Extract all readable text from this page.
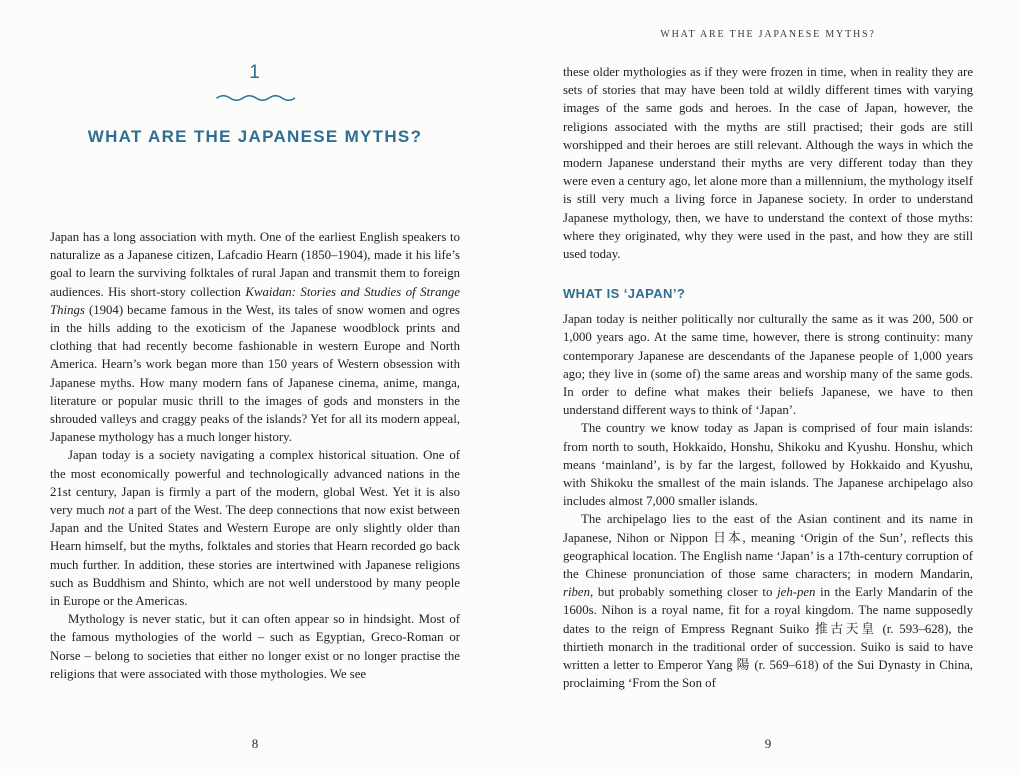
1
WHAT ARE THE JAPANESE MYTHS?

Japan has a long association with myth. One of the earliest English speakers to naturalize as a Japanese citizen, Lafcadio Hearn (1850–1904), made it his life’s goal to learn the surviving folktales of rural Japan and transmit them to foreign audiences. His short-story collection Kwaidan: Stories and Studies of Strange Things (1904) became famous in the West, its tales of snow women and ogres in the hills adding to the exoticism of the Japanese woodblock prints and clothing that had recently become fashionable in western Europe and North America. Hearn’s work began more than 150 years of Western obsession with Japanese myths. How many modern fans of Japanese cinema, anime, manga, literature or popular music thrill to the images of gods and monsters in the shrouded valleys and craggy peaks of the islands? Yet for all its modern appeal, Japanese mythology has a much longer history.

Japan today is a society navigating a complex historical situation. One of the most economically powerful and technologically advanced nations in the 21st century, Japan is firmly a part of the modern, global West. Yet it is also very much not a part of the West. The deep connections that now exist between Japan and the United States and Western Europe are only slightly older than Hearn himself, but the myths, folktales and stories that Hearn recorded go back much further. In addition, these stories are intertwined with Japanese religions such as Buddhism and Shinto, which are not well understood by many people in Europe or the Americas.

Mythology is never static, but it can often appear so in hindsight. Most of the famous mythologies of the world – such as Egyptian, Greco-Roman or Norse – belong to societies that either no longer exist or no longer practise the religions that were associated with those mythologies. We see

8
WHAT ARE THE JAPANESE MYTHS?

these older mythologies as if they were frozen in time, when in reality they are sets of stories that may have been told at wildly different times with varying images of the same gods and heroes. In the case of Japan, however, the religions associated with the myths are still practised; their gods are still worshipped and their heroes are still relevant. Although the ways in which the modern Japanese understand their myths are very different today than they were even a century ago, let alone more than a millennium, the mythology itself is still very much a living force in Japanese society. In order to understand Japanese mythology, then, we have to understand the context of those myths: where they originated, why they were used in the past, and how they are still used today.

WHAT IS ‘JAPAN’?

Japan today is neither politically nor culturally the same as it was 200, 500 or 1,000 years ago. At the same time, however, there is strong continuity: many contemporary Japanese are descendants of the Japanese people of 1,000 years ago; they live in (some of) the same areas and worship many of the same gods. In order to define what makes their beliefs Japanese, we have to then understand different ways to think of ‘Japan’.

The country we know today as Japan is comprised of four main islands: from north to south, Hokkaido, Honshu, Shikoku and Kyushu. Honshu, which means ‘mainland’, is by far the largest, followed by Hokkaido and Kyushu, with Shikoku the smallest of the main islands. The Japanese archipelago also includes almost 7,000 smaller islands.

The archipelago lies to the east of the Asian continent and its name in Japanese, Nihon or Nippon 日本, meaning ‘Origin of the Sun’, reflects this geographical location. The English name ‘Japan’ is a 17th-century corruption of the Chinese pronunciation of those same characters; in modern Mandarin, riben, but probably something closer to jeh-pen in the Early Mandarin of the 1600s. Nihon is a royal name, fit for a royal kingdom. The name supposedly dates to the reign of Empress Regnant Suiko 推古天皇 (r. 593–628), the thirtieth monarch in the traditional order of succession. Suiko is said to have written a letter to Emperor Yang 陽 (r. 569–618) of the Sui Dynasty in China, proclaiming ‘From the Son of

9
